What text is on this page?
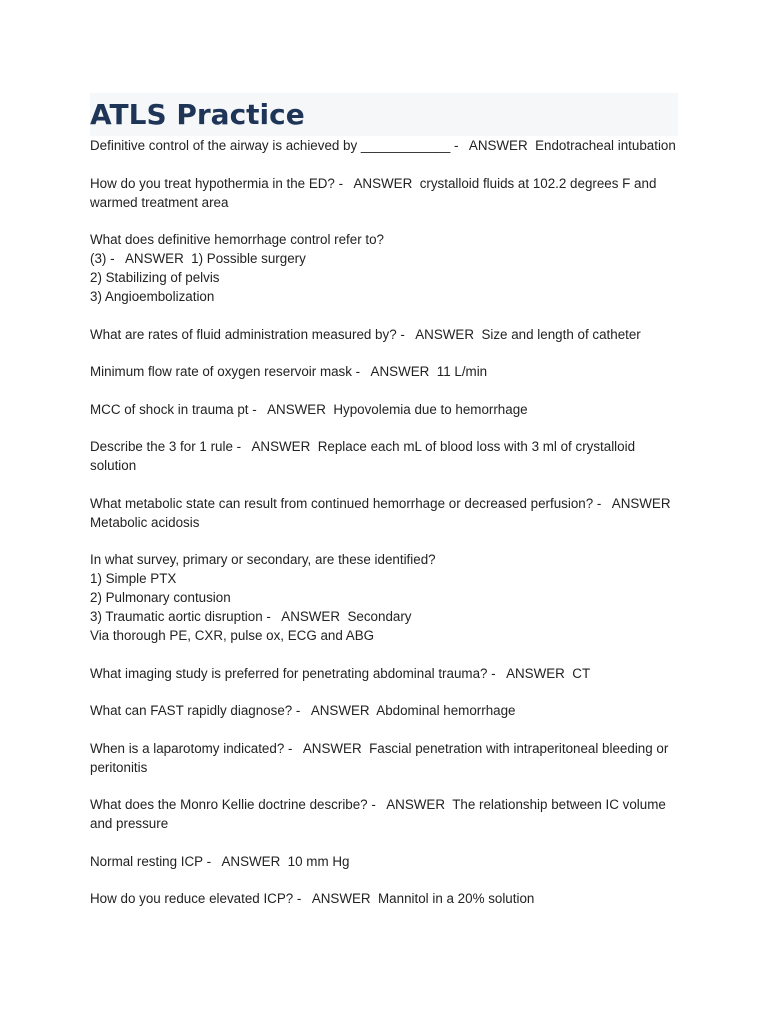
ATLS Practice

Definitive control of the airway is achieved by ____________ -   ANSWER  Endotracheal intubation

How do you treat hypothermia in the ED? -   ANSWER  crystalloid fluids at 102.2 degrees F and warmed treatment area

What does definitive hemorrhage control refer to?
(3) -   ANSWER  1) Possible surgery
2) Stabilizing of pelvis
3) Angioembolization

What are rates of fluid administration measured by? -   ANSWER  Size and length of catheter

Minimum flow rate of oxygen reservoir mask -   ANSWER  11 L/min

MCC of shock in trauma pt -   ANSWER  Hypovolemia due to hemorrhage

Describe the 3 for 1 rule -   ANSWER  Replace each mL of blood loss with 3 ml of crystalloid solution

What metabolic state can result from continued hemorrhage or decreased perfusion? -   ANSWER  Metabolic acidosis

In what survey, primary or secondary, are these identified?
1) Simple PTX
2) Pulmonary contusion
3) Traumatic aortic disruption -   ANSWER  Secondary
Via thorough PE, CXR, pulse ox, ECG and ABG

What imaging study is preferred for penetrating abdominal trauma? -   ANSWER  CT

What can FAST rapidly diagnose? -   ANSWER  Abdominal hemorrhage

When is a laparotomy indicated? -   ANSWER  Fascial penetration with intraperitoneal bleeding or peritonitis

What does the Monro Kellie doctrine describe? -   ANSWER  The relationship between IC volume and pressure

Normal resting ICP -   ANSWER  10 mm Hg

How do you reduce elevated ICP? -   ANSWER  Mannitol in a 20% solution
